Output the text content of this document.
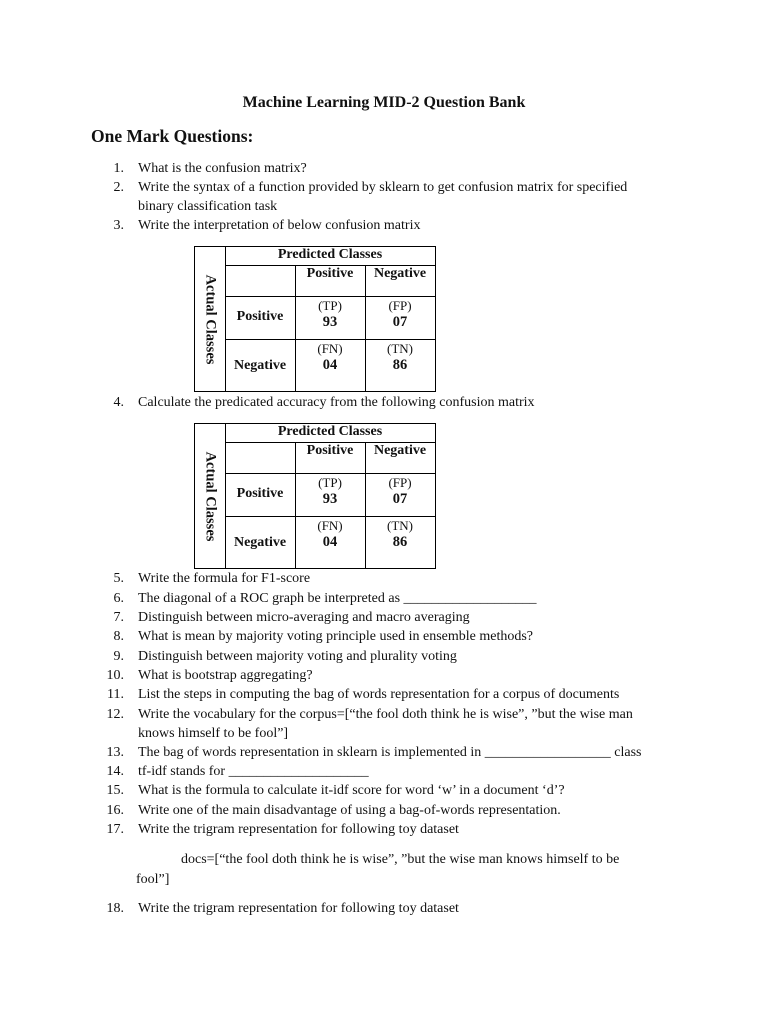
Machine Learning MID-2 Question Bank
One Mark Questions:
1. What is the confusion matrix?
2. Write the syntax of a function provided by sklearn to get confusion matrix for specified
binary classification task
3. Write the interpretation of below confusion matrix
Actual Classes
Predicted Classes
Positive	Negative
Positive
Negative
(TP)
93
(FP)
07
(FN)
04
(TN)
86
4. Calculate the predicated accuracy from the following confusion matrix
Actual Classes
Predicted Classes
Positive	Negative
Positive
Negative
(TP)
93
(FP)
07
(FN)
04
(TN)
86
5. Write the formula for F1-score
6. The diagonal of a ROC graph be interpreted as ___________________
7. Distinguish between micro-averaging and macro averaging
8. What is mean by majority voting principle used in ensemble methods?
9. Distinguish between majority voting and plurality voting
10. What is bootstrap aggregating?
11. List the steps in computing the bag of words representation for a corpus of documents
12. Write the vocabulary for the corpus=[“the fool doth think he is wise”, ”but the wise man
knows himself to be fool”]
13. The bag of words representation in sklearn is implemented in __________________ class
14. tf-idf stands for ____________________
15. What is the formula to calculate it-idf score for word ‘w’ in a document ‘d’?
16. Write one of the main disadvantage of using a bag-of-words representation.
17. Write the trigram representation for following toy dataset
docs=[“the fool doth think he is wise”, ”but the wise man knows himself to be
fool”]
18. Write the trigram representation for following toy dataset
